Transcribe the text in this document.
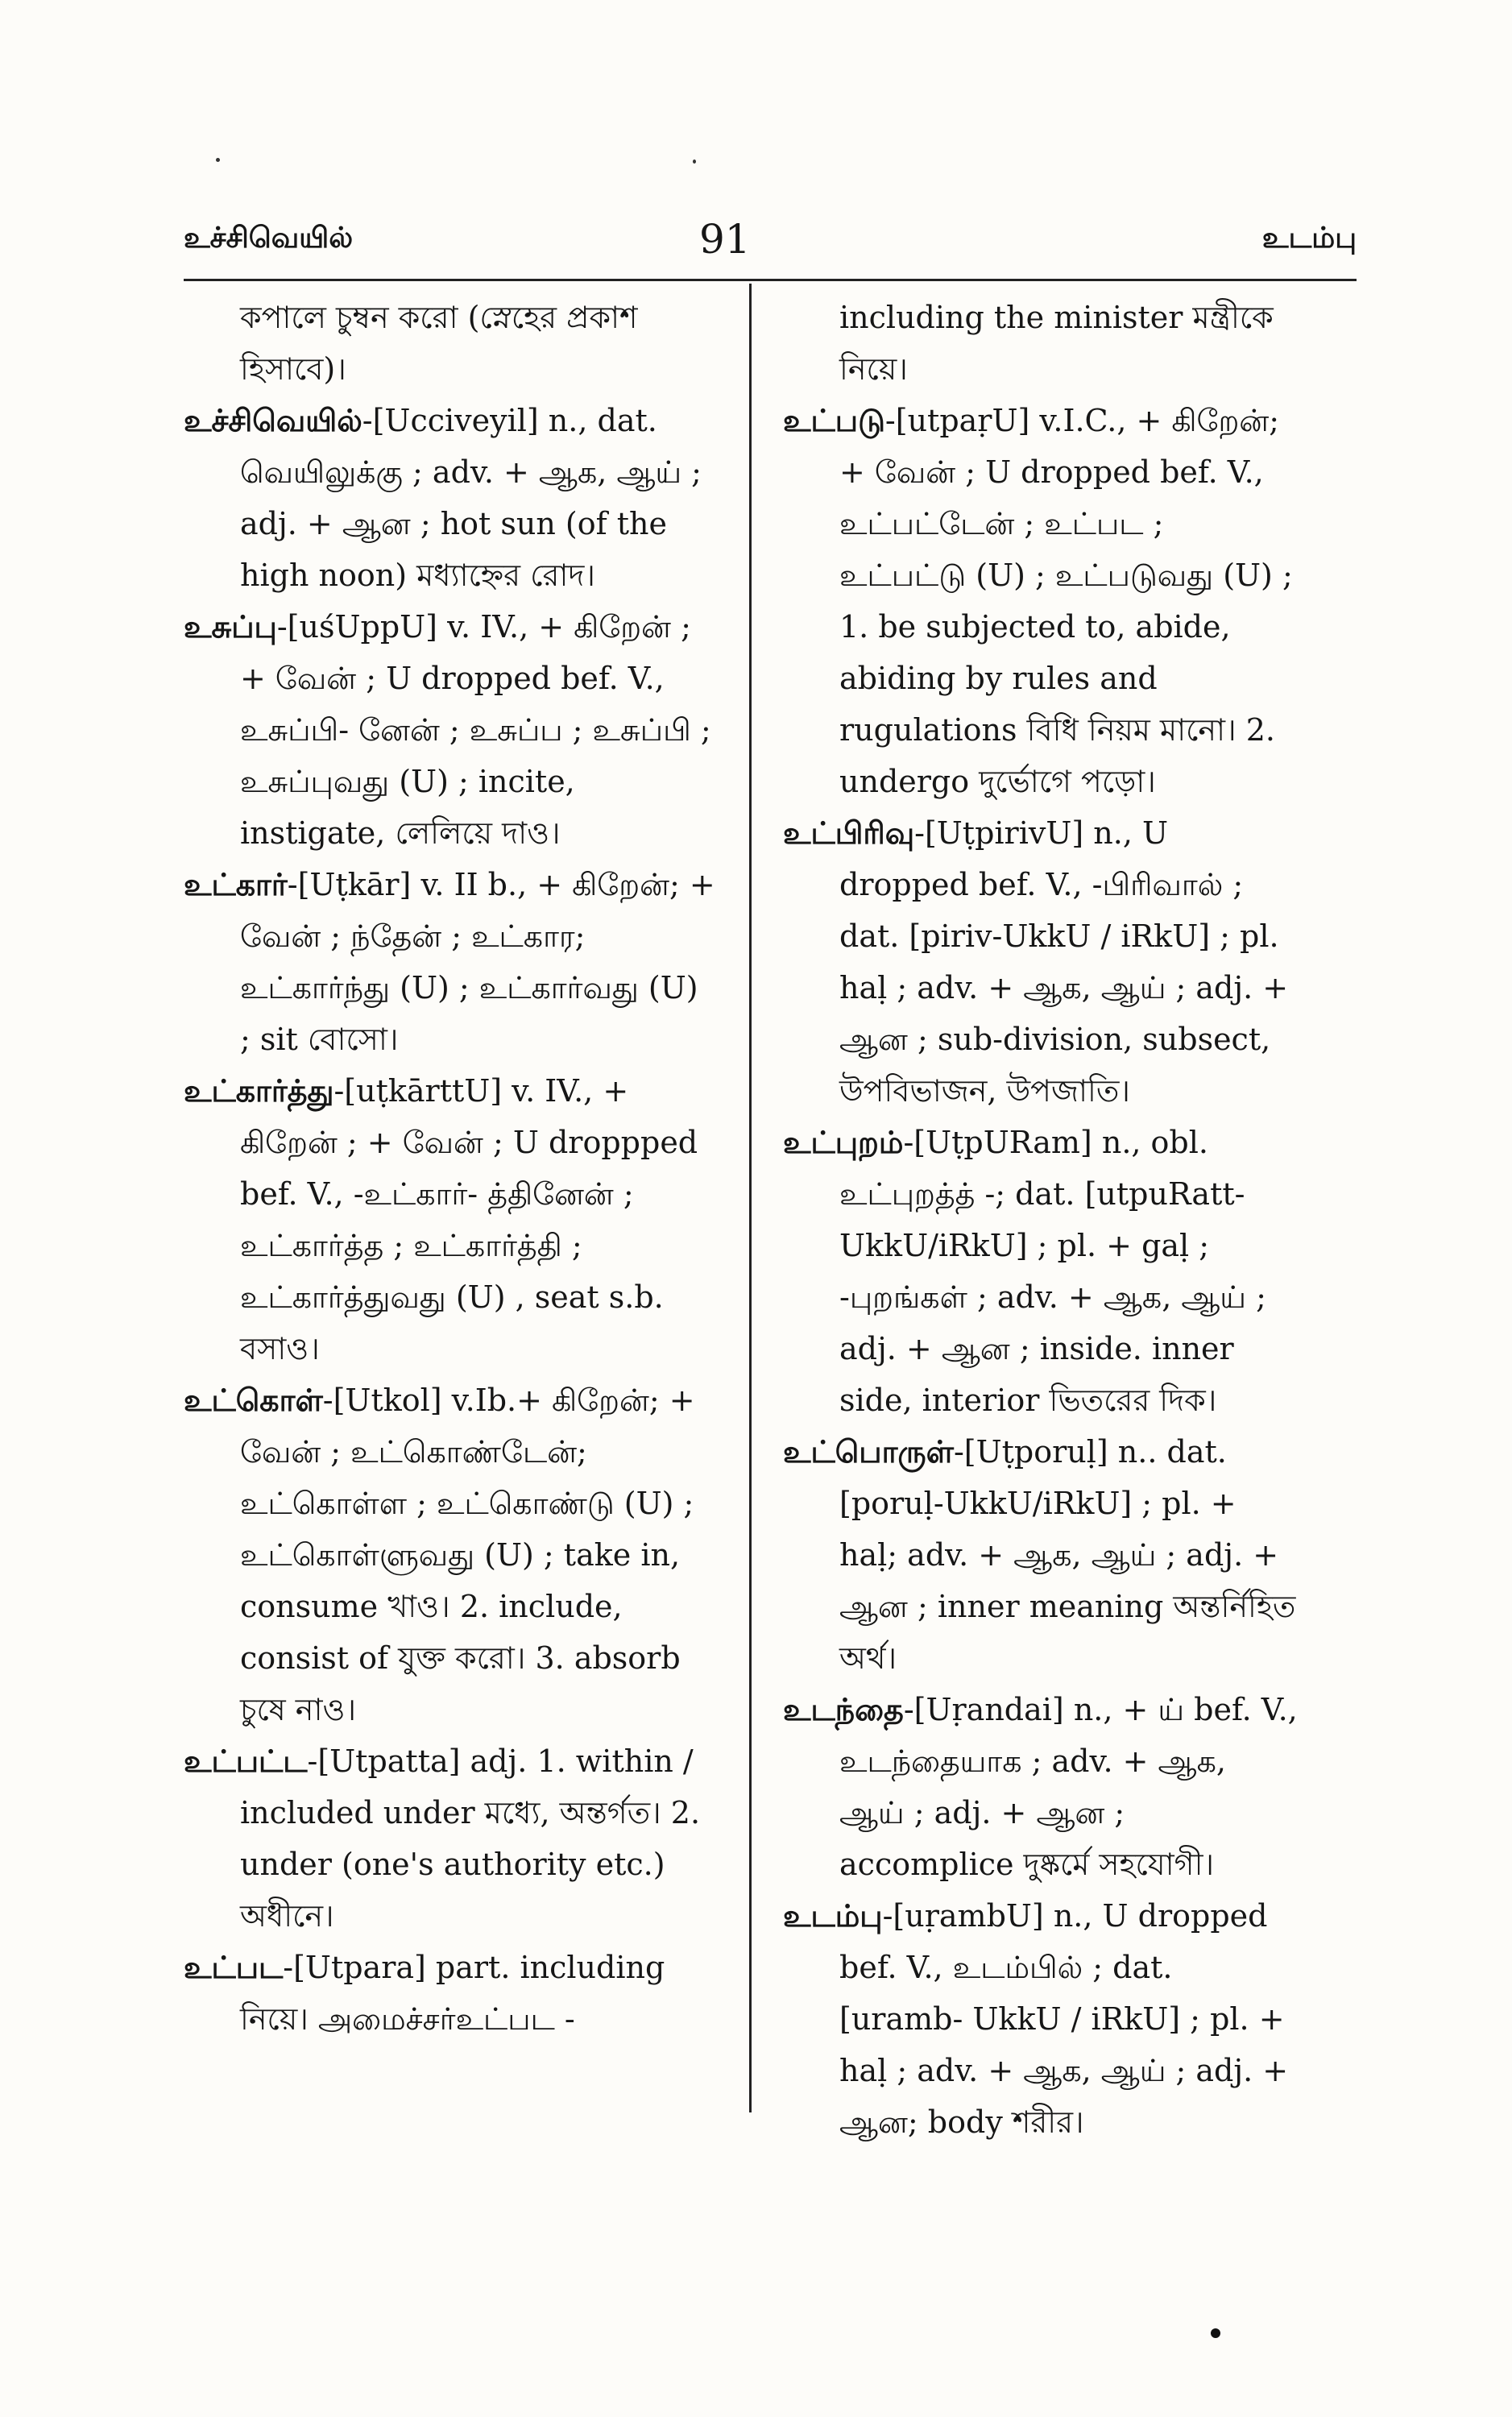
உச்சிவெயில்	91	உடம்பு
কপালে চুম্বন করো (স্নেহের প্রকাশ হিসাবে)।
உச்சிவெயில்-[Ucciveyil] n., dat. வெயிலுக்கு ; adv. + ஆக, ஆய் ; adj. + ஆன ; hot sun (of the high noon) মধ্যাহ্নের রোদ।
உசுப்பு-[uśUppU] v. IV., + கிறேன் ; + வேன் ; U dropped bef. V., உசுப்பி- னேன் ; உசுப்ப ; உசுப்பி ; உசுப்புவது (U) ; incite, instigate, লেলিয়ে দাও।
உட்கார்-[Uṭkār] v. II b., + கிறேன்; + வேன் ; ந்தேன் ; உட்கார; உட்கார்ந்து (U) ; உட்கார்வது (U) ; sit বোসো।
உட்கார்த்து-[uṭkārttU] v. IV., + கிறேன் ; + வேன் ; U droppped bef. V., -உட்கார்- த்தினேன் ; உட்கார்த்த ; உட்கார்த்தி ; உட்கார்த்துவது (U) , seat s.b. বসাও।
உட்கொள்-[Utkol] v.Ib.+ கிறேன்; + வேன் ; உட்கொண்டேன்; உட்கொள்ள ; உட்கொண்டு (U) ; உட்கொள்ளுவது (U) ; take in, consume খাও। 2. include, consist of যুক্ত করো। 3. absorb চুষে নাও।
உட்பட்ட-[Utpatta] adj. 1. within / included under মধ্যে, অন্তর্গত। 2. under (one's authority etc.) অধীনে।
உட்பட-[Utpara] part. including নিয়ে। அமைச்சர்உட்பட -
including the minister মন্ত্রীকে নিয়ে।
உட்படு-[utpaṛU] v.I.C., + கிறேன்; + வேன் ; U dropped bef. V., உட்பட்டேன் ; உட்பட ; உட்பட்டு (U) ; உட்படுவது (U) ; 1. be subjected to, abide, abiding by rules and rugulations বিধি নিয়ম মানো। 2. undergo দুর্ভোগে পড়ো।
உட்பிரிவு-[UṭpirivU] n., U dropped bef. V., -பிரிவால் ; dat. [piriv-UkkU / iRkU] ; pl. haḷ ; adv. + ஆக, ஆய் ; adj. + ஆன ; sub-division, subsect, উপবিভাজন, উপজাতি।
உட்புறம்-[UṭpURam] n., obl. உட்புறத்த் -; dat. [utpuRatt- UkkU/iRkU] ; pl. + gaḷ ; -புறங்கள் ; adv. + ஆக, ஆய் ; adj. + ஆன ; inside. inner side, interior ভিতরের দিক।
உட்பொருள்-[Uṭporuḷ] n.. dat. [poruḷ-UkkU/iRkU] ; pl. + haḷ; adv. + ஆக, ஆய் ; adj. + ஆன ; inner meaning অন্তর্নিহিত অর্থ।
உடந்தை-[Uṛandai] n., + ய் bef. V., உடந்தையாக ; adv. + ஆக, ஆய் ; adj. + ஆன ; accomplice দুষ্কর্মে সহযোগী।
உடம்பு-[uṛambU] n., U dropped bef. V., உடம்பில் ; dat. [uramb- UkkU / iRkU] ; pl. + haḷ ; adv. + ஆக, ஆய் ; adj. + ஆன; body শরীর।
